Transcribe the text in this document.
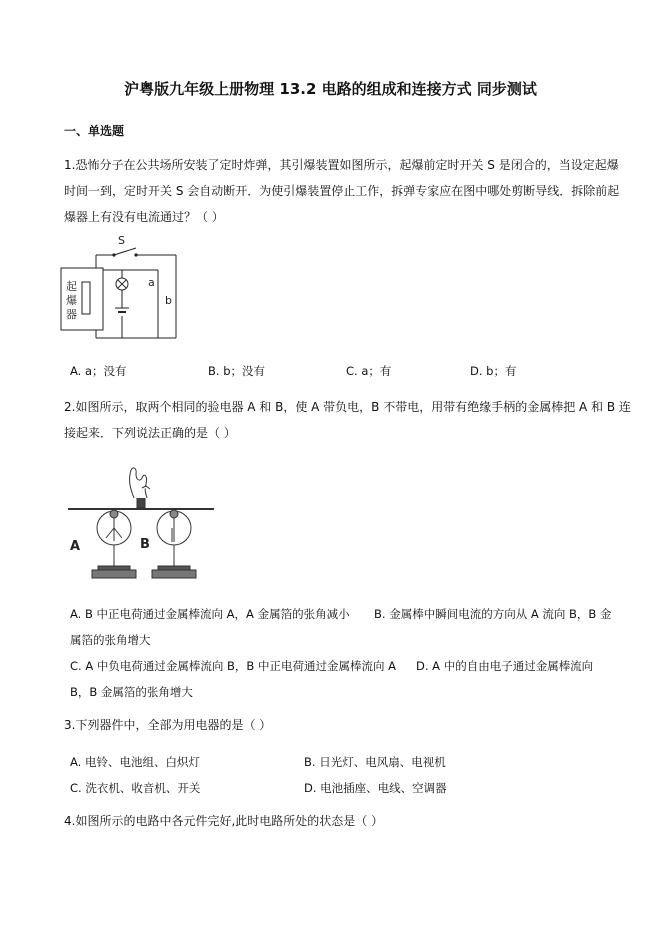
沪粤版九年级上册物理 13.2 电路的组成和连接方式 同步测试
一、单选题
1.恐怖分子在公共场所安装了定时炸弹，其引爆装置如图所示，起爆前定时开关 S 是闭合的，当设定起爆
时间一到，定时开关 S 会自动断开．为使引爆装置停止工作，拆弹专家应在图中哪处剪断导线．拆除前起
爆器上有没有电流通过？（ ）
S
a
b
起
爆
器
A. a；没有	B. b；没有	C. a；有	D. b；有
2.如图所示，取两个相同的验电器 A 和 B，使 A 带负电，B 不带电，用带有绝缘手柄的金属棒把 A 和 B 连
接起来．下列说法正确的是（ ）
A	B
A. B 中正电荷通过金属棒流向 A，A 金属箔的张角减小 B. 金属棒中瞬间电流的方向从 A 流向 B，B 金
属箔的张角增大
C. A 中负电荷通过金属棒流向 B，B 中正电荷通过金属棒流向 A D. A 中的自由电子通过金属棒流向
B，B 金属箔的张角增大
3.下列器件中，全部为用电器的是（ ）
A. 电铃、电池组、白炽灯	B. 日光灯、电风扇、电视机
C. 洗衣机、收音机、开关	D. 电池插座、电线、空调器
4.如图所示的电路中各元件完好,此时电路所处的状态是（ ）
